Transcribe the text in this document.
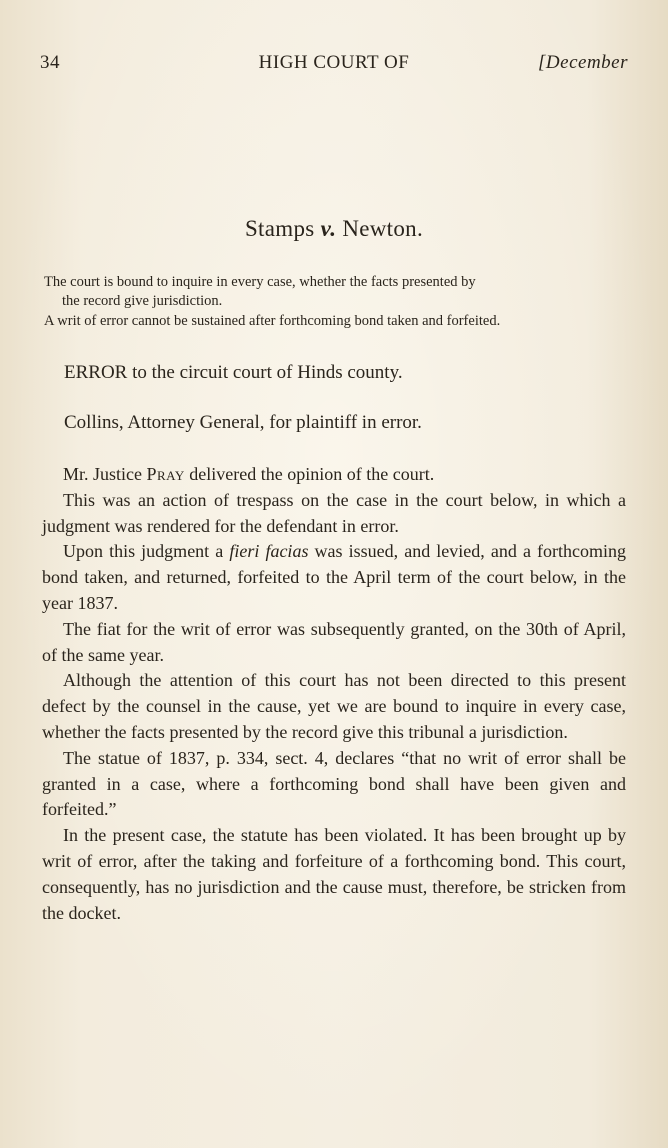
34	HIGH COURT OF	[December
Stamps v. Newton.

The court is bound to inquire in every case, whether the facts presented by
the record give jurisdiction.

A writ of error cannot be sustained after forthcoming bond taken and forfeited.

ERROR to the circuit court of Hinds county.
Collins, Attorney General, for plaintiff in error.

Mr. Justice Pray delivered the opinion of the court.

This was an action of trespass on the case in the court below, in which a judgment was rendered for the defendant in error.

Upon this judgment a fieri facias was issued, and levied, and a forthcoming bond taken, and returned, forfeited to the April term of the court below, in the year 1837.

The fiat for the writ of error was subsequently granted, on the 30th of April, of the same year.

Although the attention of this court has not been directed to this present defect by the counsel in the cause, yet we are bound to inquire in every case, whether the facts presented by the record give this tribunal a jurisdiction.

The statue of 1837, p. 334, sect. 4, declares “that no writ of error shall be granted in a case, where a forthcoming bond shall have been given and forfeited.”

In the present case, the statute has been violated. It has been brought up by writ of error, after the taking and forfeiture of a forthcoming bond. This court, consequently, has no jurisdiction and the cause must, therefore, be stricken from the docket.
